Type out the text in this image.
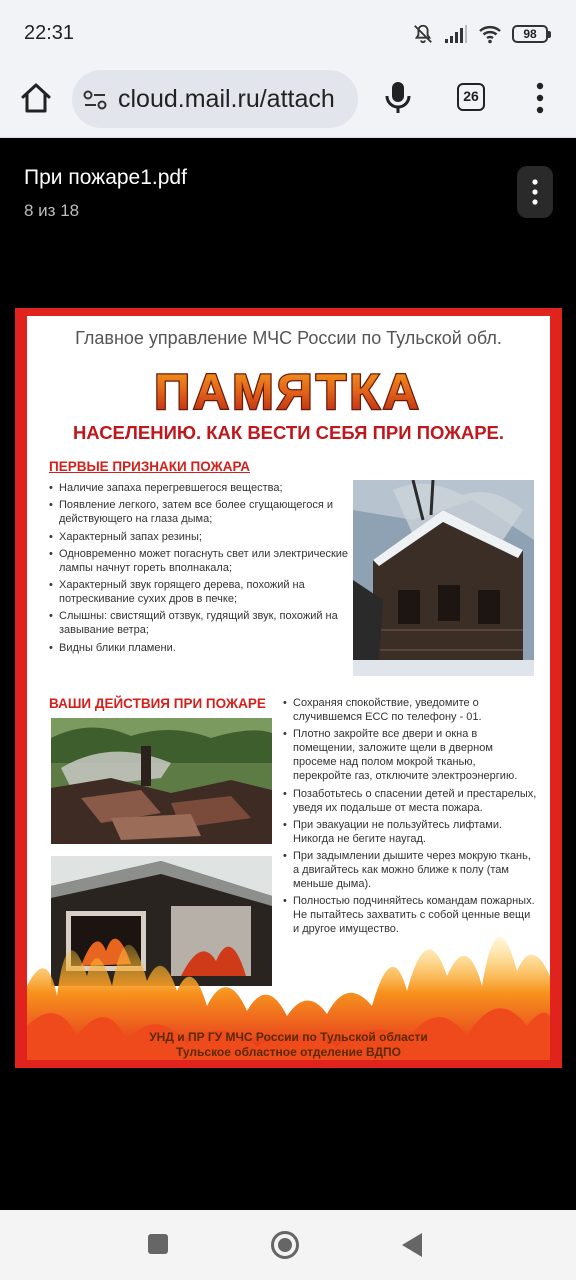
22:31	98
cloud.mail.ru/attach	26
При пожаре1.pdf
8 из 18
Главное управление МЧС России по Тульской обл.
ПАМЯТКА
НАСЕЛЕНИЮ. КАК ВЕСТИ СЕБЯ ПРИ ПОЖАРЕ.
ПЕРВЫЕ ПРИЗНАКИ ПОЖАРА
• Наличие запаха перегревшегося вещества;
• Появление легкого, затем все более сгущающегося и действующего на глаза дыма;
• Характерный запах резины;
• Одновременно может погаснуть свет или электрические лампы начнут гореть вполнакала;
• Характерный звук горящего дерева, похожий на потрескивание сухих дров в печке;
• Слышны: свистящий отзвук, гудящий звук, похожий на завывание ветра;
• Видны блики пламени.
ВАШИ ДЕЙСТВИЯ ПРИ ПОЖАРЕ
•	Сохраняя спокойствие, уведомите о случившемся ЕСС по телефону - 01.
• Плотно закройте все двери и окна в помещении, заложите щели в дверном просеме над полом мокрой тканью, перекройте газ, отключите электроэнергию.
• Позаботьтесь о спасении детей и престарелых, уведя их подальше от места пожара.
• При эвакуации не пользуйтесь лифтами. Никогда не бегите наугад.
• При задымлении дышите через мокрую ткань, а двигайтесь как можно ближе к полу (там меньше дыма).
• Полностью подчиняйтесь командам пожарных. Не пытайтесь захватить с собой ценные вещи и другое имущество.
УНД и ПР ГУ МЧС России по Тульской области
Тульское областное отделение ВДПО
